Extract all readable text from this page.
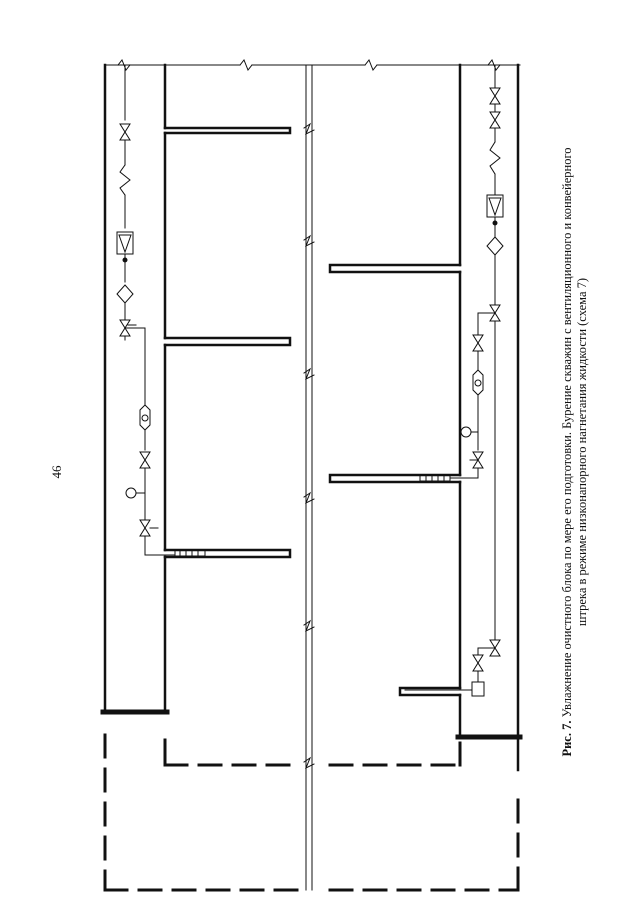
46
Рис. 7. Увлажнение очистного блока по мере его подготовки. Бурение скважин с вентиляционного и конвейерного штрека в режиме низконапорного нагнетания жидкости (схема 7)
